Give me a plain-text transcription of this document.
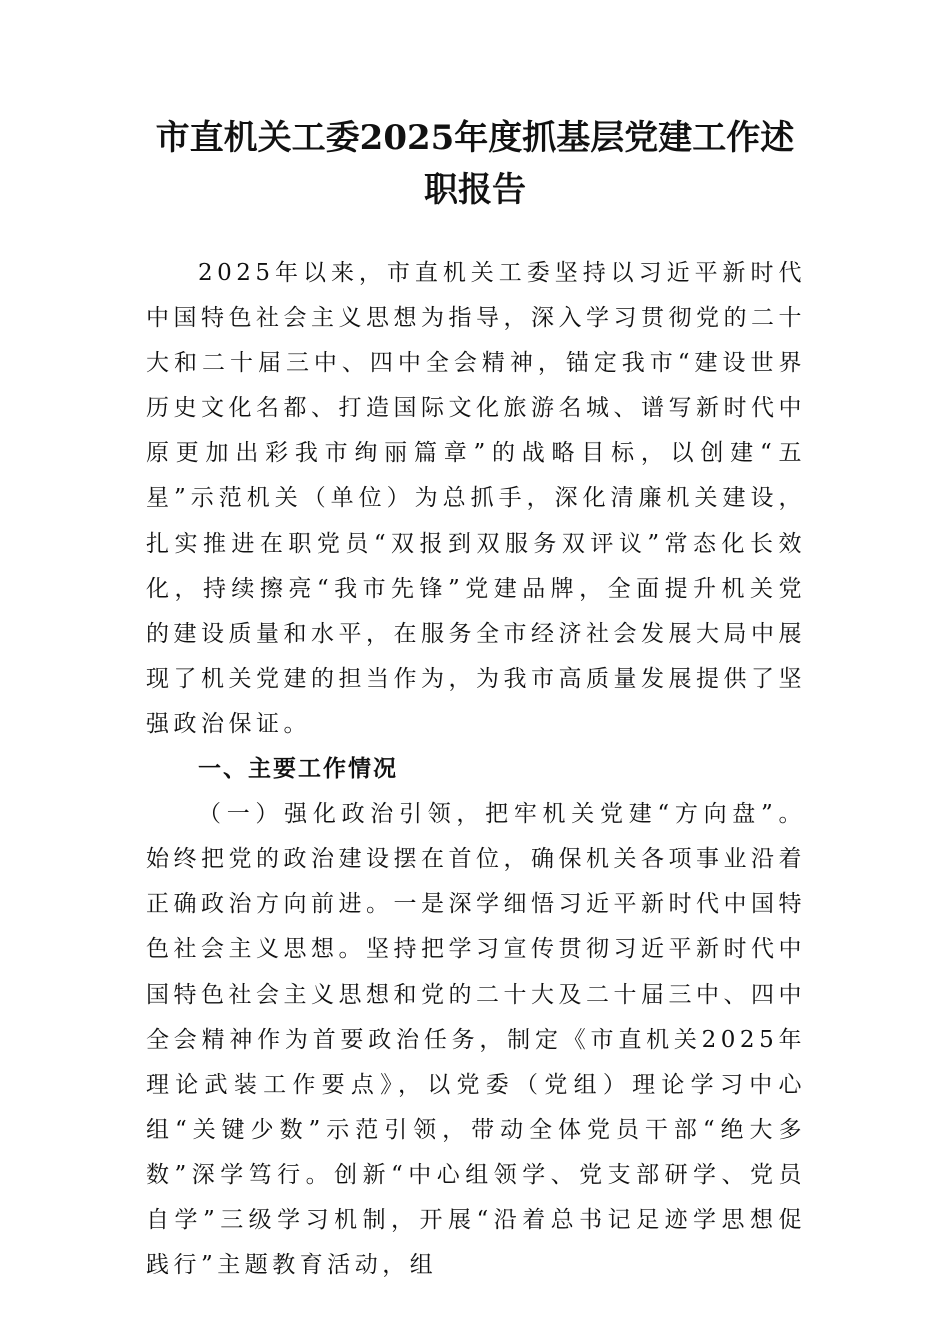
市直机关工委2025年度抓基层党建工作述
职报告

2025年以来，市直机关工委坚持以习近平新时代中国特色社会主义思想为指导，深入学习贯彻党的二十大和二十届三中、四中全会精神，锚定我市“建设世界历史文化名都、打造国际文化旅游名城、谱写新时代中原更加出彩我市绚丽篇章”的战略目标，以创建“五星”示范机关（单位）为总抓手，深化清廉机关建设，扎实推进在职党员“双报到双服务双评议”常态化长效化，持续擦亮“我市先锋”党建品牌，全面提升机关党的建设质量和水平，在服务全市经济社会发展大局中展现了机关党建的担当作为，为我市高质量发展提供了坚强政治保证。

一、主要工作情况

（一）强化政治引领，把牢机关党建“方向盘”。始终把党的政治建设摆在首位，确保机关各项事业沿着正确政治方向前进。一是深学细悟习近平新时代中国特色社会主义思想。坚持把学习宣传贯彻习近平新时代中国特色社会主义思想和党的二十大及二十届三中、四中全会精神作为首要政治任务，制定《市直机关2025年理论武装工作要点》，以党委（党组）理论学习中心组“关键少数”示范引领，带动全体党员干部“绝大多数”深学笃行。创新“中心组领学、党支部研学、党员自学”三级学习机制，开展“沿着总书记足迹学思想促践行”主题教育活动，组
